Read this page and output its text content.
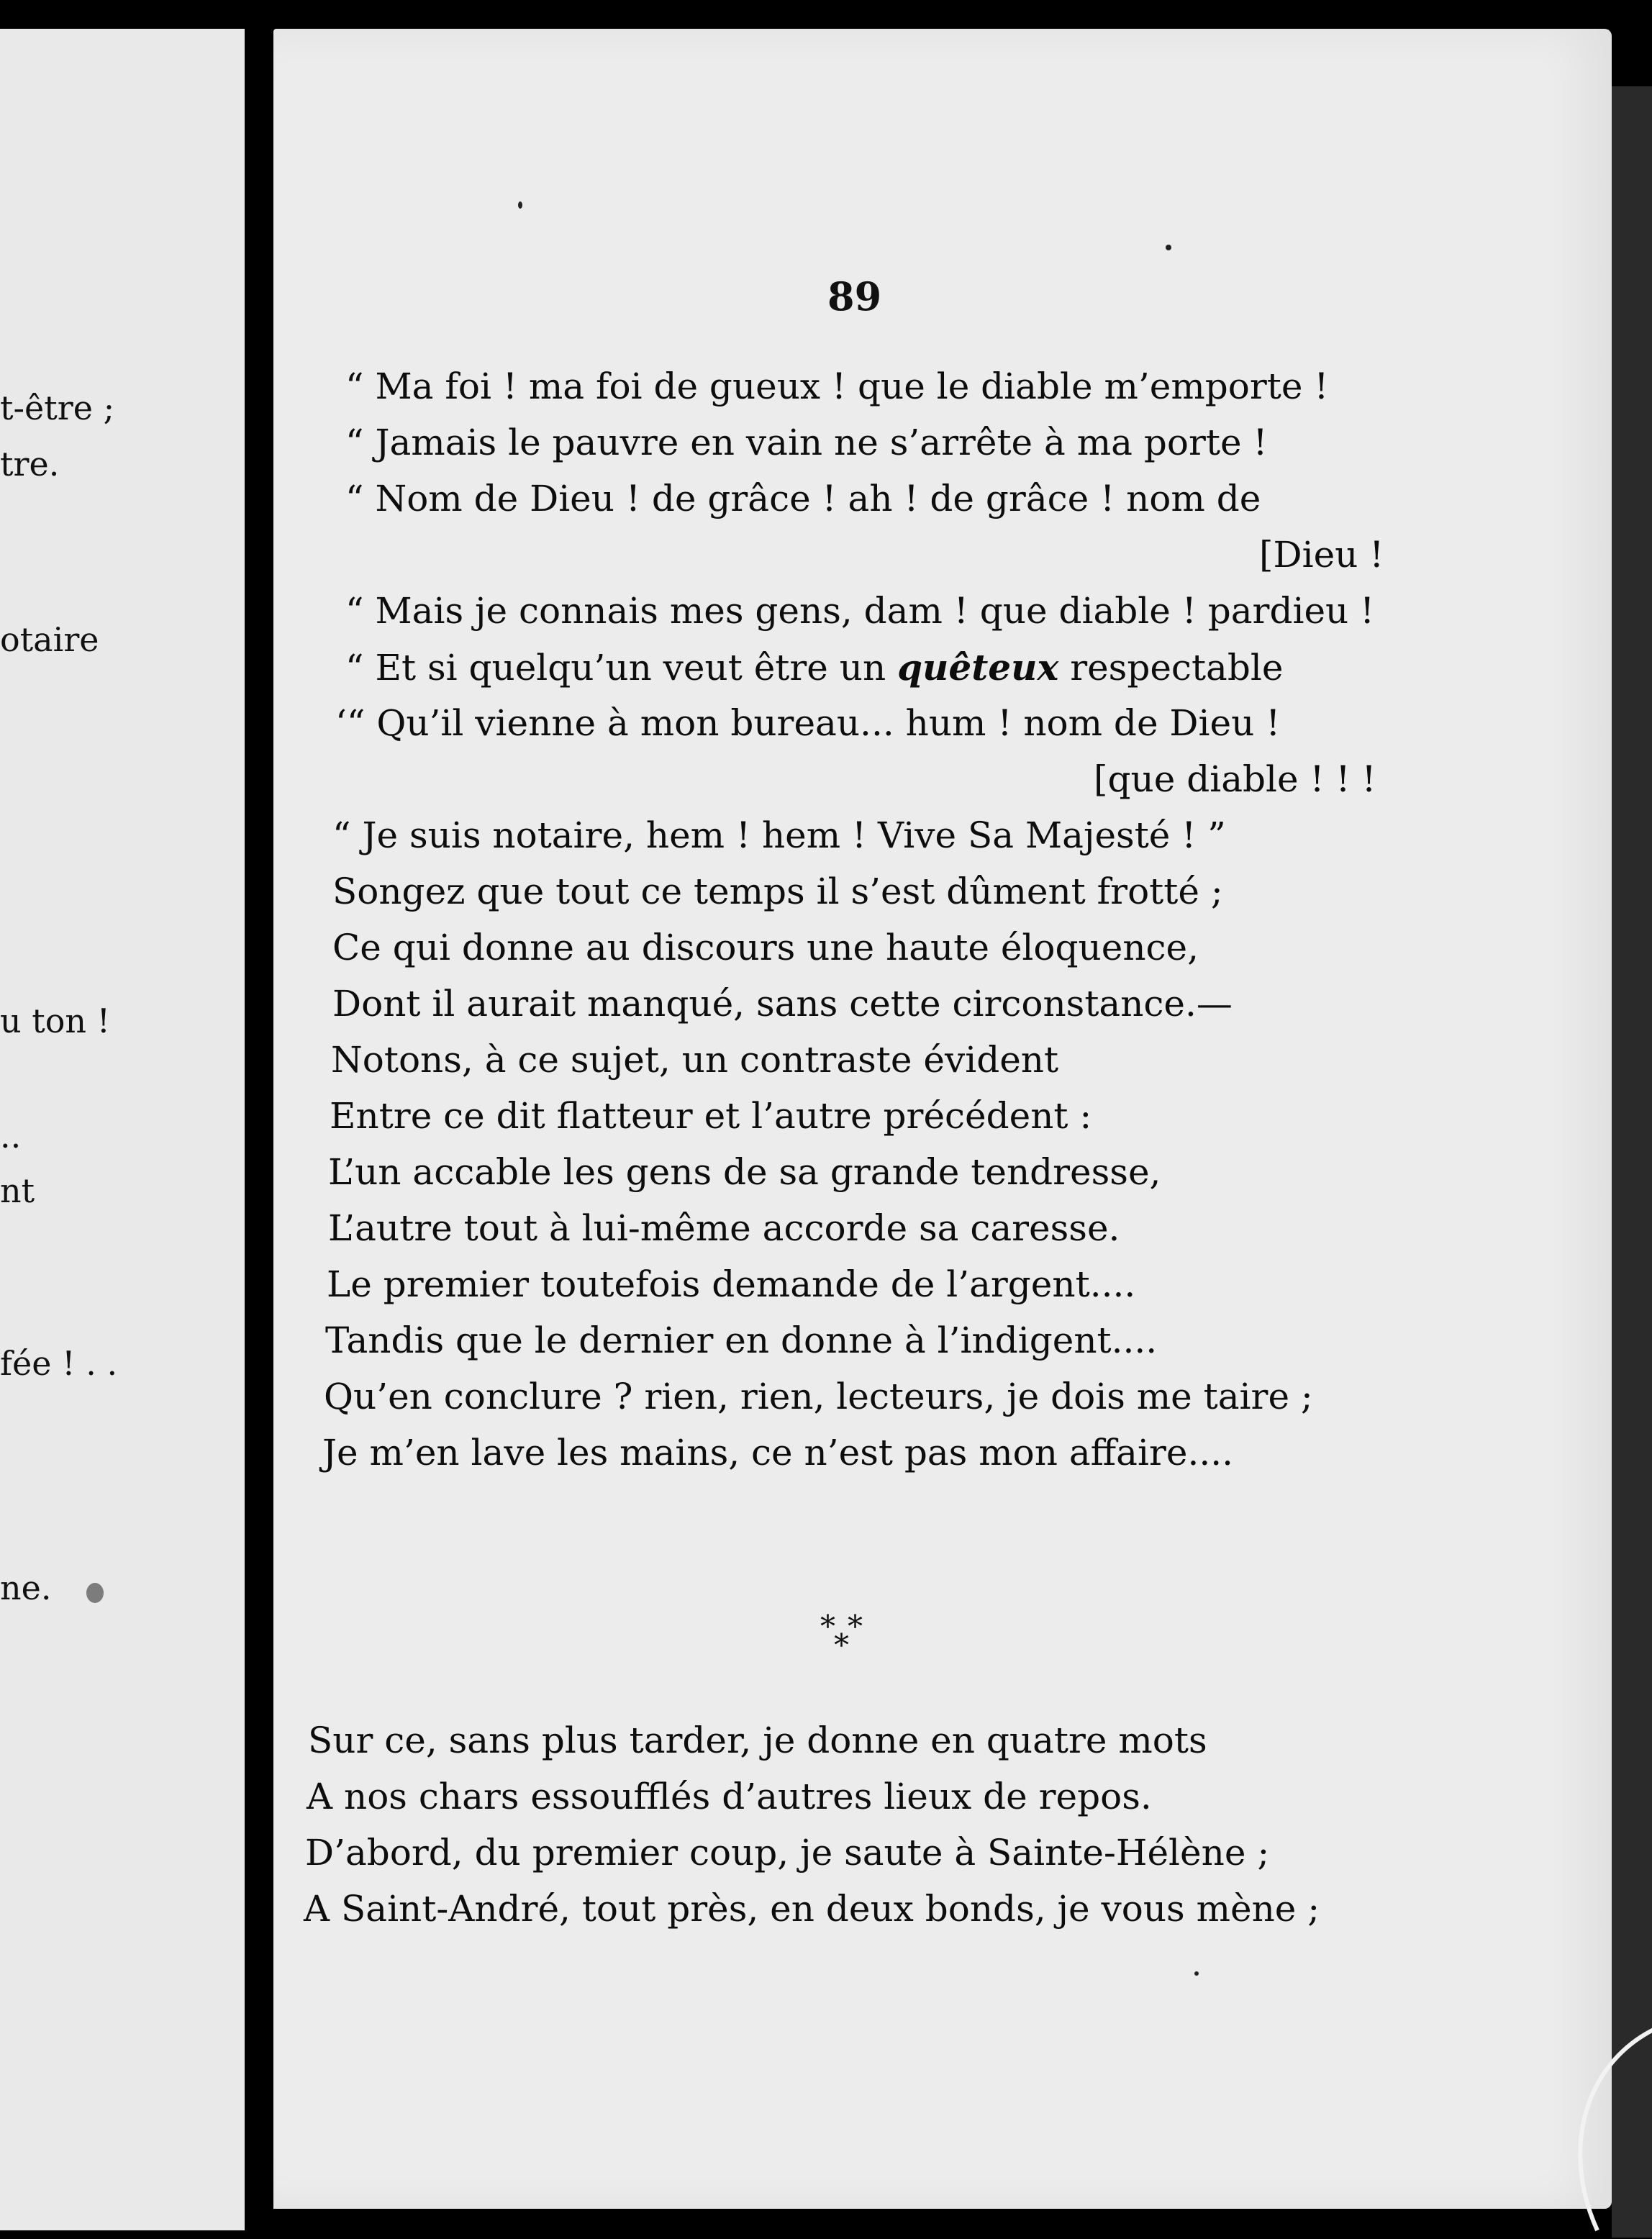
t-être ;
tre.
otaire
u ton !
..
nt
fée ! . .
ne.
89
“ Ma foi ! ma foi de gueux ! que le diable m’emporte !
“ Jamais le pauvre en vain ne s’arrête à ma porte !
“ Nom de Dieu ! de grâce ! ah ! de grâce ! nom de
[Dieu !
“ Mais je connais mes gens, dam ! que diable ! pardieu !
“ Et si quelqu’un veut être un quêteux respectable
‘“ Qu’il vienne à mon bureau... hum ! nom de Dieu !
[que diable ! ! !
“ Je suis notaire, hem ! hem ! Vive Sa Majesté ! ”
Songez que tout ce temps il s’est dûment frotté ;
Ce qui donne au discours une haute éloquence,
Dont il aurait manqué, sans cette circonstance.—
Notons, à ce sujet, un contraste évident
Entre ce dit flatteur et l’autre précédent :
L’un accable les gens de sa grande tendresse,
L’autre tout à lui-même accorde sa caresse.
Le premier toutefois demande de l’argent....
Tandis que le dernier en donne à l’indigent....
Qu’en conclure ? rien, rien, lecteurs, je dois me taire ;
Je m’en lave les mains, ce n’est pas mon affaire....
* *
*
Sur ce, sans plus tarder, je donne en quatre mots
A nos chars essoufflés d’autres lieux de repos.
D’abord, du premier coup, je saute à Sainte-Hélène ;
A Saint-André, tout près, en deux bonds, je vous mène ;
